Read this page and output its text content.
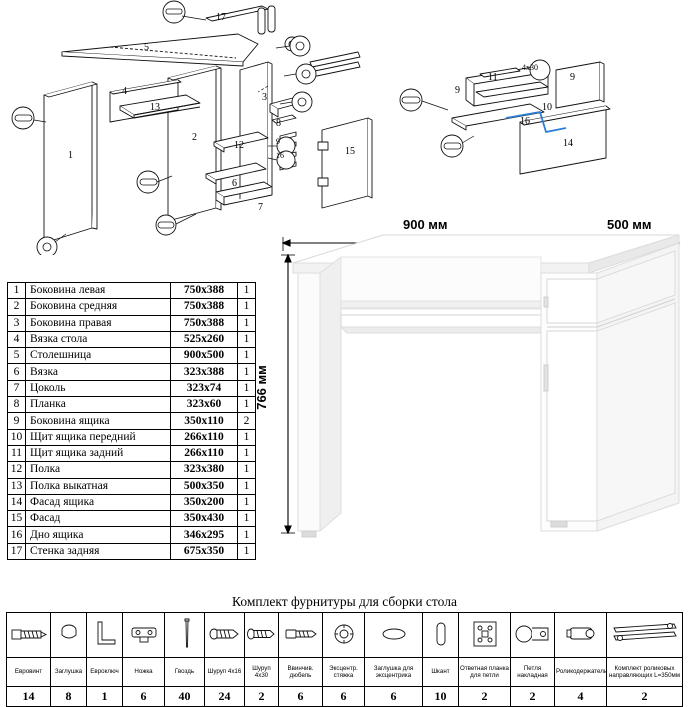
17
5
4
13
1
2
3
12
6
7
8
15
9
16
11	9
9
10
16
14
4х30
1	Боковина левая	750х388	1
2	Боковина средняя	750х388	1
3	Боковина правая	750х388	1
4	Вязка стола	525х260	1
5	Столешница	900х500	1
6	Вязка	323х388	1
7	Цоколь	323х74	1
8	Планка	323х60	1
9	Боковина ящика	350х110	2
10	Щит ящика передний	266х110	1
11	Щит ящика задний	266х110	1
12	Полка	323х380	1
13	Полка выкатная	500х350	1
14	Фасад ящика	350х200	1
15	Фасад	350х430	1
16	Дно ящика	346х295	1
17	Стенка задняя	675х350	1
900 мм	500 мм
766 мм
Комплект фурнитуры для сборки стола

Евровинт	Заглушка	Евроключ	Ножка	Гвоздь	Шуруп 4х16	Шуруп 4х30	Ввинчив. дюбель	Эксцентр. стяжка	Заглушка для эксцентрика	Шкант	Ответная планка для петли	Петля накладная	Роликодержатель	Комплект роликовых направляющих L=350мм
14	8	1	6	40	24	2	6	6	6	10	2	2	4	2
